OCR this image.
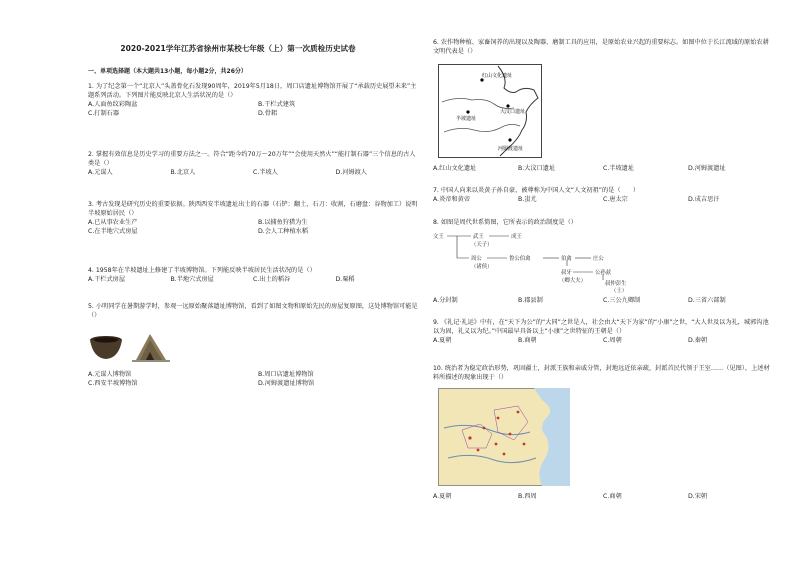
2020-2021学年江苏省徐州市某校七年级（上）第一次质检历史试卷
一、单项选择题（本大题共13小题，每小题2分，共26分）
1. 为了纪念第一个“北京人”头盖骨化石发现90周年，2019年5月18日，周口店遗址博物馆开展了“承载历史展望未来”主题系列活动。下列图片能反映北京人生活状况的是（）
A.人面鱼纹彩陶盆	B.干栏式建筑
C.打制石器	D.骨耜
2. 掌握有效信息是历史学习的重要方法之一。符合“距今约70万～20万年”“会使用天然火”“能打制石器”三个信息的古人类是（）
A.元谋人	B.北京人	C.半坡人	D.河姆渡人
3. 考古发现是研究历史的重要依据。陕西西安半坡遗址出土的石器（石铲：翻土，石刀：收割，石磨盘：谷物加工）说明半坡原始居民（）
A.已从事农业生产	B.以捕鱼狩猎为生
C.在半地穴式房屋	D.会人工种植水稻
4. 1958年在半坡遗址上修建了半坡博物馆。下列能反映半坡居民生活状况的是（）
A.干栏式房屋	B.半地穴式房屋	C.出土的稻谷	D.粟稻
5. 小明同学在暑期游学时，参观一远原始聚落遗址博物馆，看到了如图文物和原始先民的房屋复原图，这处博物馆可能是（）
A.元谋人博物馆	B.周口店遗址博物馆
C.西安半坡博物馆	D.河姆渡遗址博物馆
6. 农作物种植、家畜饲养的出现以及陶器、磨制工具的应用，是原始农业兴起的重要标志。如图中位于长江流域的原始农耕文明代表是（）
红山文化遗址
大汶口遗址
半坡遗址
河姆渡遗址
A.红山文化遗址	B.大汶口遗址	C.半坡遗址	D.河姆渡遗址
7. 中国人向来以炎黄子孙自豪，被尊称为中国人文“人文初祖”的是（　　）
A.炎帝和黄帝	B.蚩尤	C.唐太宗	D.成吉思汗
8. 如图是周代世系简图，它所表示的政治制度是（）
文王	武王	成王
（天子）
周公	鲁公伯禽
（诸侯）
伯禽	庄公
叔牙
（卿大夫）
公孙兹
叔仲彭生
（士）
A.分封制	B.郡县制	C.三公九卿制	D.三省六部制
9. 《礼记·礼运》中有，在“天下为公”的“大同”之世是人，社会由大“天下为家”的“小康”之世，“大人世及以为礼，城郭沟池以为固，礼义以为纪。”中国最早具备以上“小康”之世特征的王朝是（）
A.夏朝	B.商朝	C.周朝	D.秦朝
10. 统治者为稳定政治形势，巩固疆土，封派王族和亲戚分管，封地远近依亲疏，封派首民代领于王室……（见图），上述材料所描述的现象出现于（）
A.夏朝	B.西周	C.商朝	D.宋朝
